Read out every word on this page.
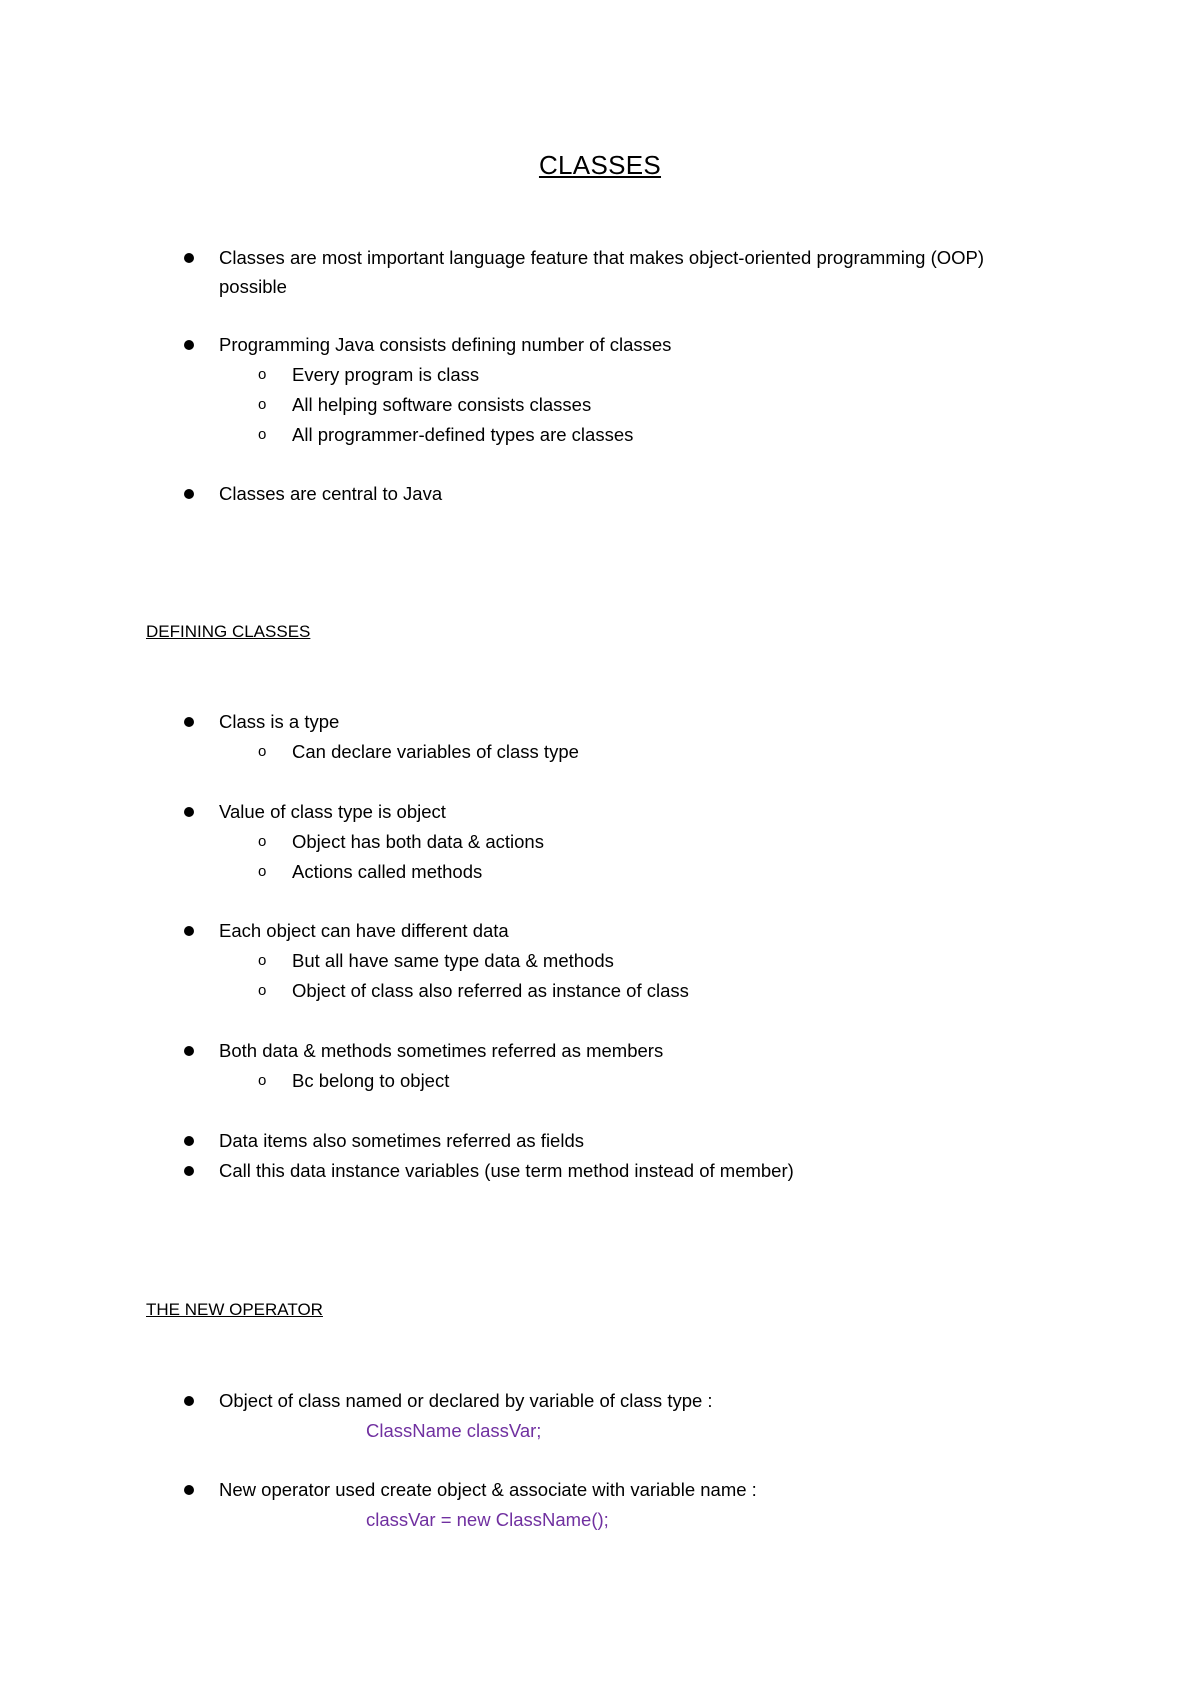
CLASSES
Classes are most important language feature that makes object-oriented programming (OOP)
possible
Programming Java consists defining number of classes
o Every program is class
o All helping software consists classes
o All programmer-defined types are classes
Classes are central to Java
DEFINING CLASSES
Class is a type
o Can declare variables of class type
Value of class type is object
o Object has both data & actions
o Actions called methods
Each object can have different data
o But all have same type data & methods
o Object of class also referred as instance of class
Both data & methods sometimes referred as members
o Bc belong to object
Data items also sometimes referred as fields
Call this data instance variables (use term method instead of member)
THE NEW OPERATOR
Object of class named or declared by variable of class type :
ClassName classVar;
New operator used create object & associate with variable name :
classVar = new ClassName();
